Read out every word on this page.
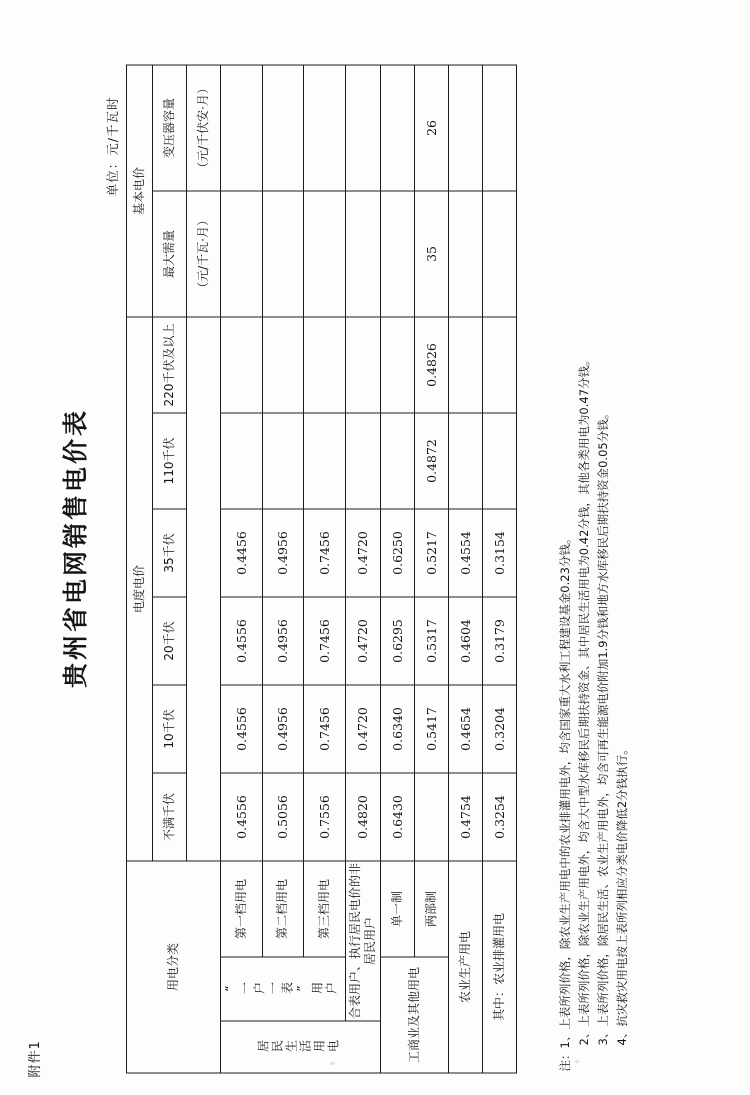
附件1
贵州省电网销售电价表
单位：元/千瓦时
用电分类			电度电价						基本电价	
			不满千伏	10千伏	20千伏	35千伏	110千伏	220千伏及以上	最大需量	变压器容量
									（元/千瓦·月）	（元/千伏安·月）
居民生活用电	“一户一表”用户	第一档用电	0.4556	0.4556	0.4556	0.4456				
		第二档用电	0.5056	0.4956	0.4956	0.4956				
		第三档用电	0.7556	0.7456	0.7456	0.7456				
	合表用户、执行居民电价的非居民用户		0.4820	0.4720	0.4720	0.4720				
工商业及其他用电		单一制	0.6430	0.6340	0.6295	0.6250				
		两部制		0.5417	0.5317	0.5217	0.4872	0.4826	35	26
农业生产用电			0.4754	0.4654	0.4604	0.4554				
其中：农业排灌用电			0.3254	0.3204	0.3179	0.3154				
注：1、上表所列价格，除农业生产用电中的农业排灌用电外，均含国家重大水利工程建设基金0.23分钱。 2、上表所列价格，除农业生产用电外，均含大中型水库移民后期扶持资金、其中居民生活用电为0.42分钱，其他各类用电为0.47分钱。 3、上表所列价格，除居民生活、农业生产用电外，均含可再生能源电价附加1.9分钱和地方水库移民后期扶持资金0.05分钱。 4、抗灾救灾用电按上表所列相应分类电价降低2分钱执行。
